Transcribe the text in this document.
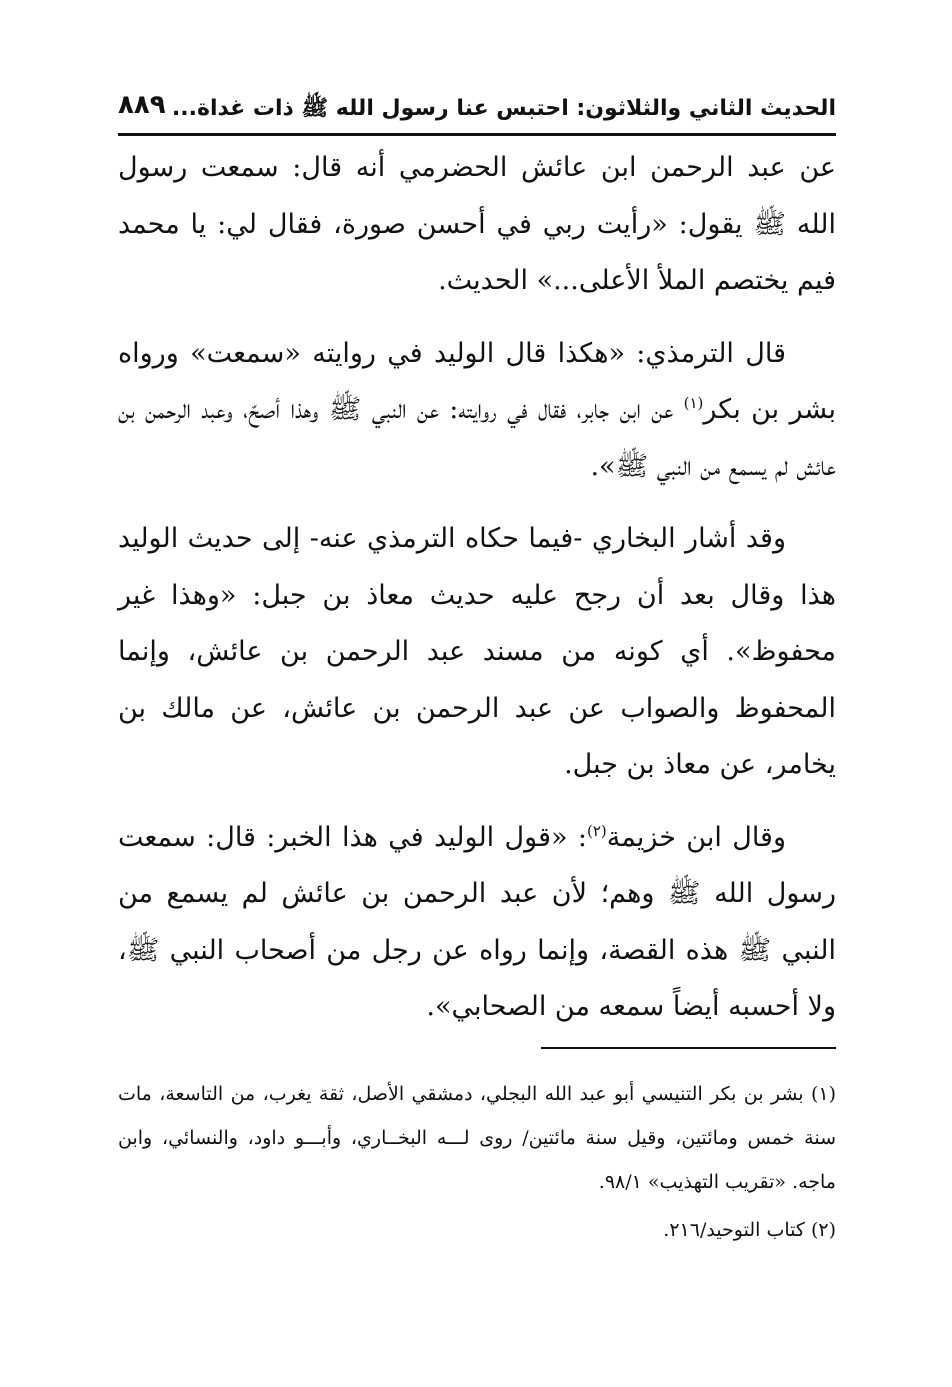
الحديث الثاني والثلاثون: احتبس عنا رسول الله ﷺ ذات غداة...
٨٨٩

عن عبد الرحمن ابن عائش الحضرمي أنه قال: سمعت رسول الله ﷺ يقول: «رأيت ربي في أحسن صورة، فقال لي: يا محمد فيم يختصم الملأ الأعلى...» الحديث.

قال الترمذي: «هكذا قال الوليد في روايته «سمعت» ورواه بشر بن بكر$^{(١)}$ عن ابن جابر، فقال في روايته: عن النبي ﷺ وهذا أصحّ، وعبد الرحمن بن عائش لم يسمع من النبي ﷺ».

وقد أشار البخاري -فيما حكاه الترمذي عنه- إلى حديث الوليد هذا وقال بعد أن رجح عليه حديث معاذ بن جبل: «وهذا غير محفوظ». أي كونه من مسند عبد الرحمن بن عائش، وإنما المحفوظ والصواب عن عبد الرحمن بن عائش، عن مالك بن يخامر، عن معاذ بن جبل.

وقال ابن خزيمة$^{(٢)}$: «قول الوليد في هذا الخبر: قال: سمعت رسول الله ﷺ وهم؛ لأن عبد الرحمن بن عائش لم يسمع من النبي ﷺ هذه القصة، وإنما رواه عن رجل من أصحاب النبي ﷺ، ولا أحسبه أيضاً سمعه من الصحابي».

(١) بشر بن بكر التنيسي أبو عبد الله البجلي، دمشقي الأصل، ثقة يغرب، من التاسعة، مات سنة خمس ومائتين، وقيل سنة مائتين/ روى لـــه البخــاري، وأبـــو داود، والنسائي، وابن ماجه. «تقريب التهذيب» ٩٨/١.

(٢) كتاب التوحيد/٢١٦.
